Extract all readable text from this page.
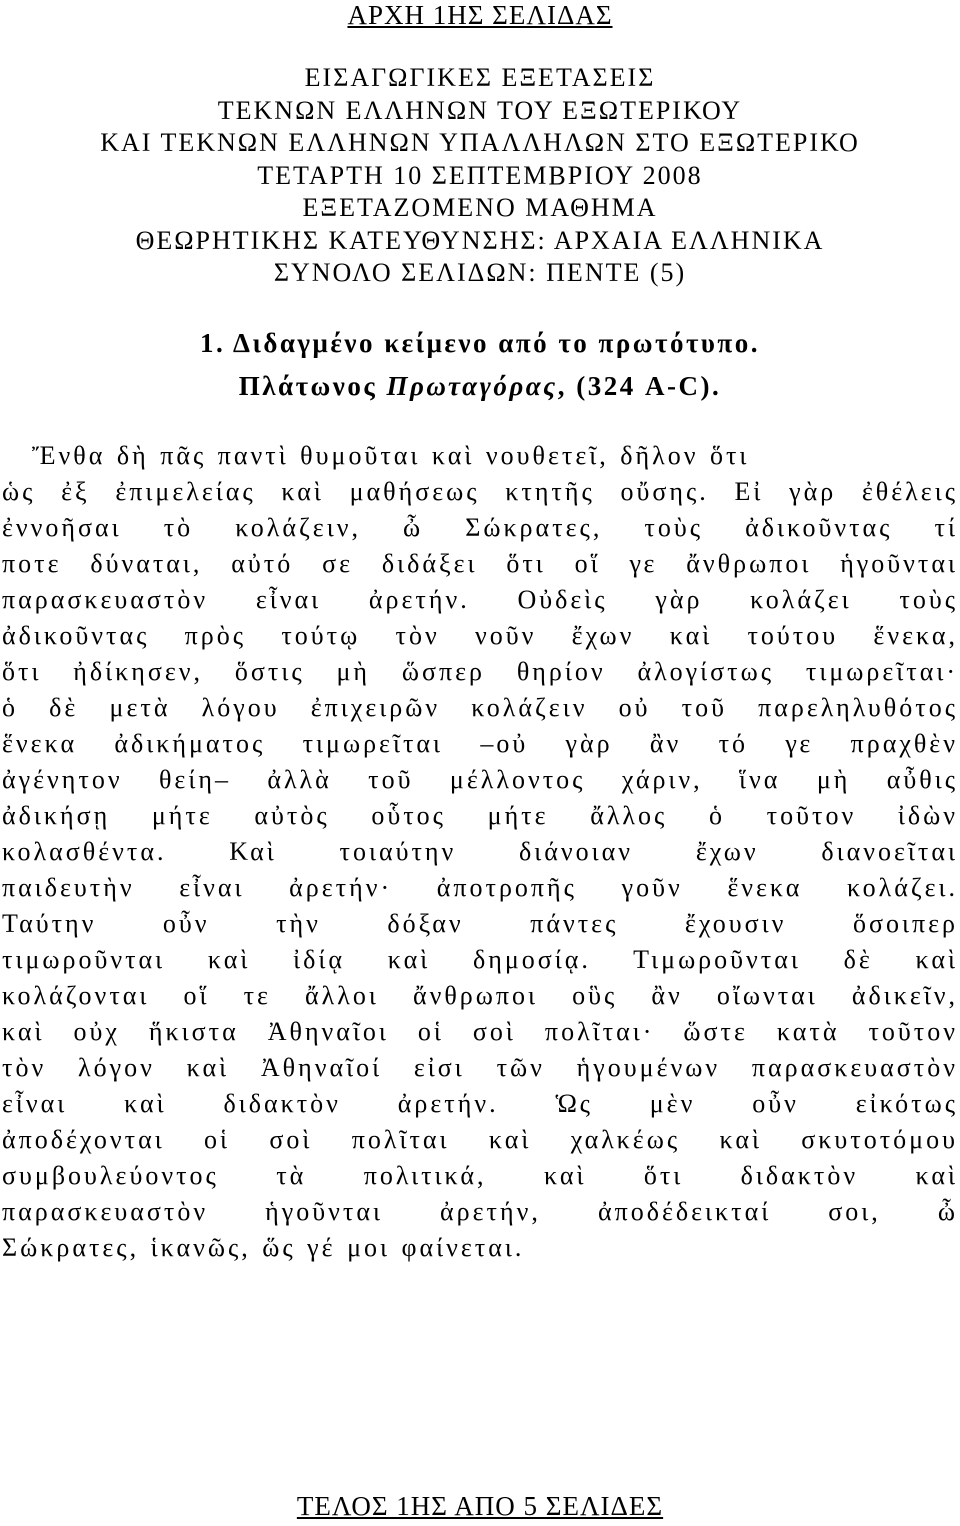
ΑΡΧΗ 1ΗΣ ΣΕΛΙΔΑΣ
ΕΙΣΑΓΩΓΙΚΕΣ ΕΞΕΤΑΣΕΙΣ
ΤΕΚΝΩΝ ΕΛΛΗΝΩΝ ΤΟΥ ΕΞΩΤΕΡΙΚΟΥ
ΚΑΙ ΤΕΚΝΩΝ ΕΛΛΗΝΩΝ ΥΠΑΛΛΗΛΩΝ ΣΤΟ ΕΞΩΤΕΡΙΚΟ
ΤΕΤΑΡΤΗ 10 ΣΕΠΤΕΜΒΡΙΟΥ 2008
ΕΞΕΤΑΖΟΜΕΝΟ ΜΑΘΗΜΑ
ΘΕΩΡΗΤΙΚΗΣ ΚΑΤΕΥΘΥΝΣΗΣ: ΑΡΧΑΙΑ ΕΛΛΗΝΙΚΑ
ΣΥΝΟΛΟ ΣΕΛΙΔΩΝ: ΠΕΝΤΕ (5)
1. Διδαγμένο κείμενο από το πρωτότυπο.
Πλάτωνος Πρωταγόρας, (324 A-C).
Ἔνθα δὴ πᾶς παντὶ θυμοῦται καὶ νουθετεῖ, δῆλον ὅτι
ὡς ἐξ ἐπιμελείας καὶ μαθήσεως κτητῆς οὔσης. Εἰ γὰρ ἐθέλεις
ἐννοῆσαι τὸ κολάζειν, ὦ Σώκρατες, τοὺς ἀδικοῦντας τί
ποτε δύναται, αὐτό σε διδάξει ὅτι οἵ γε ἄνθρωποι ἡγοῦνται
παρασκευαστὸν εἶναι ἀρετήν. Οὐδεὶς γὰρ κολάζει τοὺς
ἀδικοῦντας πρὸς τούτῳ τὸν νοῦν ἔχων καὶ τούτου ἕνεκα,
ὅτι ἠδίκησεν, ὅστις μὴ ὥσπερ θηρίον ἀλογίστως τιμωρεῖται·
ὁ δὲ μετὰ λόγου ἐπιχειρῶν κολάζειν οὐ τοῦ παρεληλυθότος
ἕνεκα ἀδικήματος τιμωρεῖται –οὐ γὰρ ἂν τό γε πραχθὲν
ἀγένητον θείη– ἀλλὰ τοῦ μέλλοντος χάριν, ἵνα μὴ αὖθις
ἀδικήσῃ μήτε αὐτὸς οὗτος μήτε ἄλλος ὁ τοῦτον ἰδὼν
κολασθέντα. Καὶ τοιαύτην διάνοιαν ἔχων διανοεῖται
παιδευτὴν εἶναι ἀρετήν· ἀποτροπῆς γοῦν ἕνεκα κολάζει.
Ταύτην οὖν τὴν δόξαν πάντες ἔχουσιν ὅσοιπερ
τιμωροῦνται καὶ ἰδίᾳ καὶ δημοσίᾳ. Τιμωροῦνται δὲ καὶ
κολάζονται οἵ τε ἄλλοι ἄνθρωποι οὓς ἂν οἴωνται ἀδικεῖν,
καὶ οὐχ ἥκιστα Ἀθηναῖοι οἱ σοὶ πολῖται· ὥστε κατὰ τοῦτον
τὸν λόγον καὶ Ἀθηναῖοί εἰσι τῶν ἡγουμένων παρασκευαστὸν
εἶναι καὶ διδακτὸν ἀρετήν. Ὡς μὲν οὖν εἰκότως
ἀποδέχονται οἱ σοὶ πολῖται καὶ χαλκέως καὶ σκυτοτόμου
συμβουλεύοντος τὰ πολιτικά, καὶ ὅτι διδακτὸν καὶ
παρασκευαστὸν ἡγοῦνται ἀρετήν, ἀποδέδεικταί σοι, ὦ
Σώκρατες, ἱκανῶς, ὥς γέ μοι φαίνεται.
ΤΕΛΟΣ 1ΗΣ ΑΠΟ 5 ΣΕΛΙΔΕΣ
